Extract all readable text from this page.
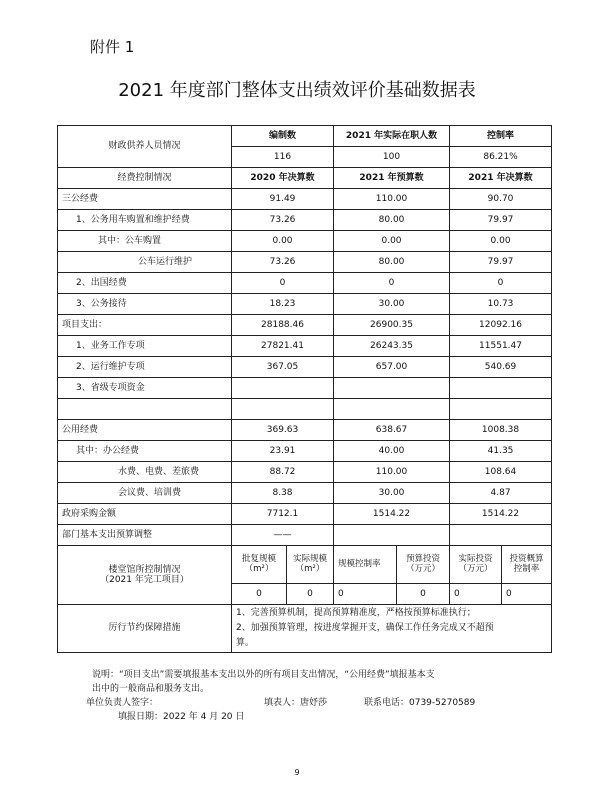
附件 1
2021 年度部门整体支出绩效评价基础数据表
财政供养人员情况	编制数		2021 年实际在职人数		控制率	
	116		100		86.21%	
经费控制情况	2020 年决算数		2021 年预算数		2021 年决算数	
三公经费	91.49		110.00		90.70	
1、公务用车购置和维护经费	73.26		80.00		79.97	
其中：公车购置	0.00		0.00		0.00	
公车运行维护	73.26		80.00		79.97	
2、出国经费	0		0		0	
3、公务接待	18.23		30.00		10.73	
项目支出：	28188.46		26900.35		12092.16	
1、业务工作专项	27821.41		26243.35		11551.47	
2、运行维护专项	367.05		657.00		540.69	
3、省级专项资金						

公用经费	369.63		638.67		1008.38	
其中：办公经费	23.91		40.00		41.35	
水费、电费、差旅费	88.72		110.00		108.64	
会议费、培训费	8.38		30.00		4.87	
政府采购金额	7712.1		1514.22		1514.22	
部门基本支出预算调整	——					

楼堂馆所控制情况
（2021 年完工项目）	批复规模（m²）	实际规模（m²）	规模控制率	预算投资（万元）	实际投资（万元）	投资概算控制率
	0	0	0	0	0	0
厉行节约保障措施	1、完善预算机制，提高预算精准度，严格按预算标准执行；
2、加强预算管理，按进度掌握开支，确保工作任务完成又不超预
算。					
说明：“项目支出”需要填报基本支出以外的所有项目支出情况，“公用经费”填报基本支
出中的一般商品和服务支出。
单位负责人签字：	填表人：唐妤莎	联系电话：0739-5270589
填报日期：2022 年 4 月 20 日
9
